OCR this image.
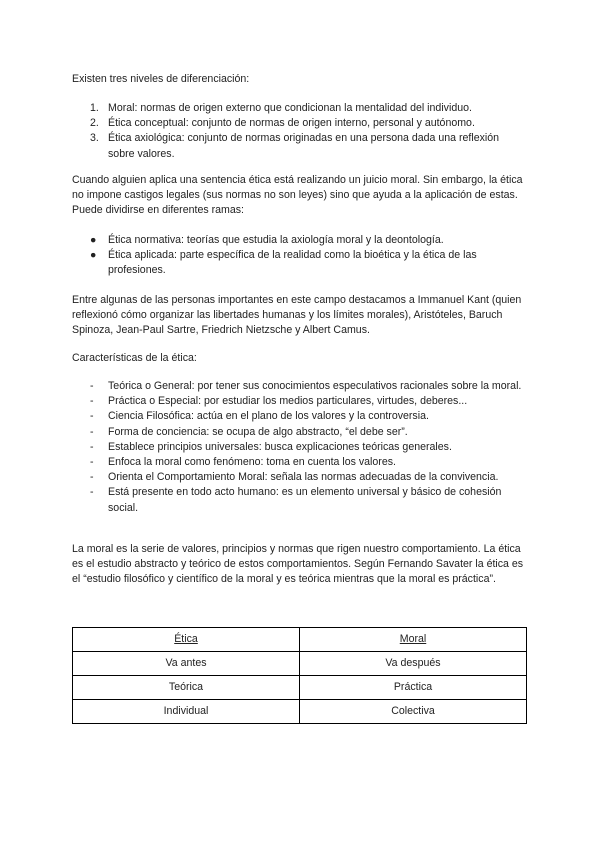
Existen tres niveles de diferenciación:

1. Moral: normas de origen externo que condicionan la mentalidad del individuo.
2. Ética conceptual: conjunto de normas de origen interno, personal y autónomo.
3. Ética axiológica: conjunto de normas originadas en una persona dada una reflexión sobre valores.

Cuando alguien aplica una sentencia ética está realizando un juicio moral. Sin embargo, la ética no impone castigos legales (sus normas no son leyes) sino que ayuda a la aplicación de estas. Puede dividirse en diferentes ramas:

● Ética normativa: teorías que estudia la axiología moral y la deontología.
● Ética aplicada: parte específica de la realidad como la bioética y la ética de las profesiones.

Entre algunas de las personas importantes en este campo destacamos a Immanuel Kant (quien reflexionó cómo organizar las libertades humanas y los límites morales), Aristóteles, Baruch Spinoza, Jean-Paul Sartre, Friedrich Nietzsche y Albert Camus.

Características de la ética:

- Teórica o General: por tener sus conocimientos especulativos racionales sobre la moral.
- Práctica o Especial: por estudiar los medios particulares, virtudes, deberes...
- Ciencia Filosófica: actúa en el plano de los valores y la controversia.
- Forma de conciencia: se ocupa de algo abstracto, “el debe ser”.
- Establece principios universales: busca explicaciones teóricas generales.
- Enfoca la moral como fenómeno: toma en cuenta los valores.
- Orienta el Comportamiento Moral: señala las normas adecuadas de la convivencia.
- Está presente en todo acto humano: es un elemento universal y básico de cohesión social.

La moral es la serie de valores, principios y normas que rigen nuestro comportamiento. La ética es el estudio abstracto y teórico de estos comportamientos. Según Fernando Savater la ética es el “estudio filosófico y científico de la moral y es teórica mientras que la moral es práctica”.

Ética	Moral
Va antes	Va después
Teórica	Práctica
Individual	Colectiva
